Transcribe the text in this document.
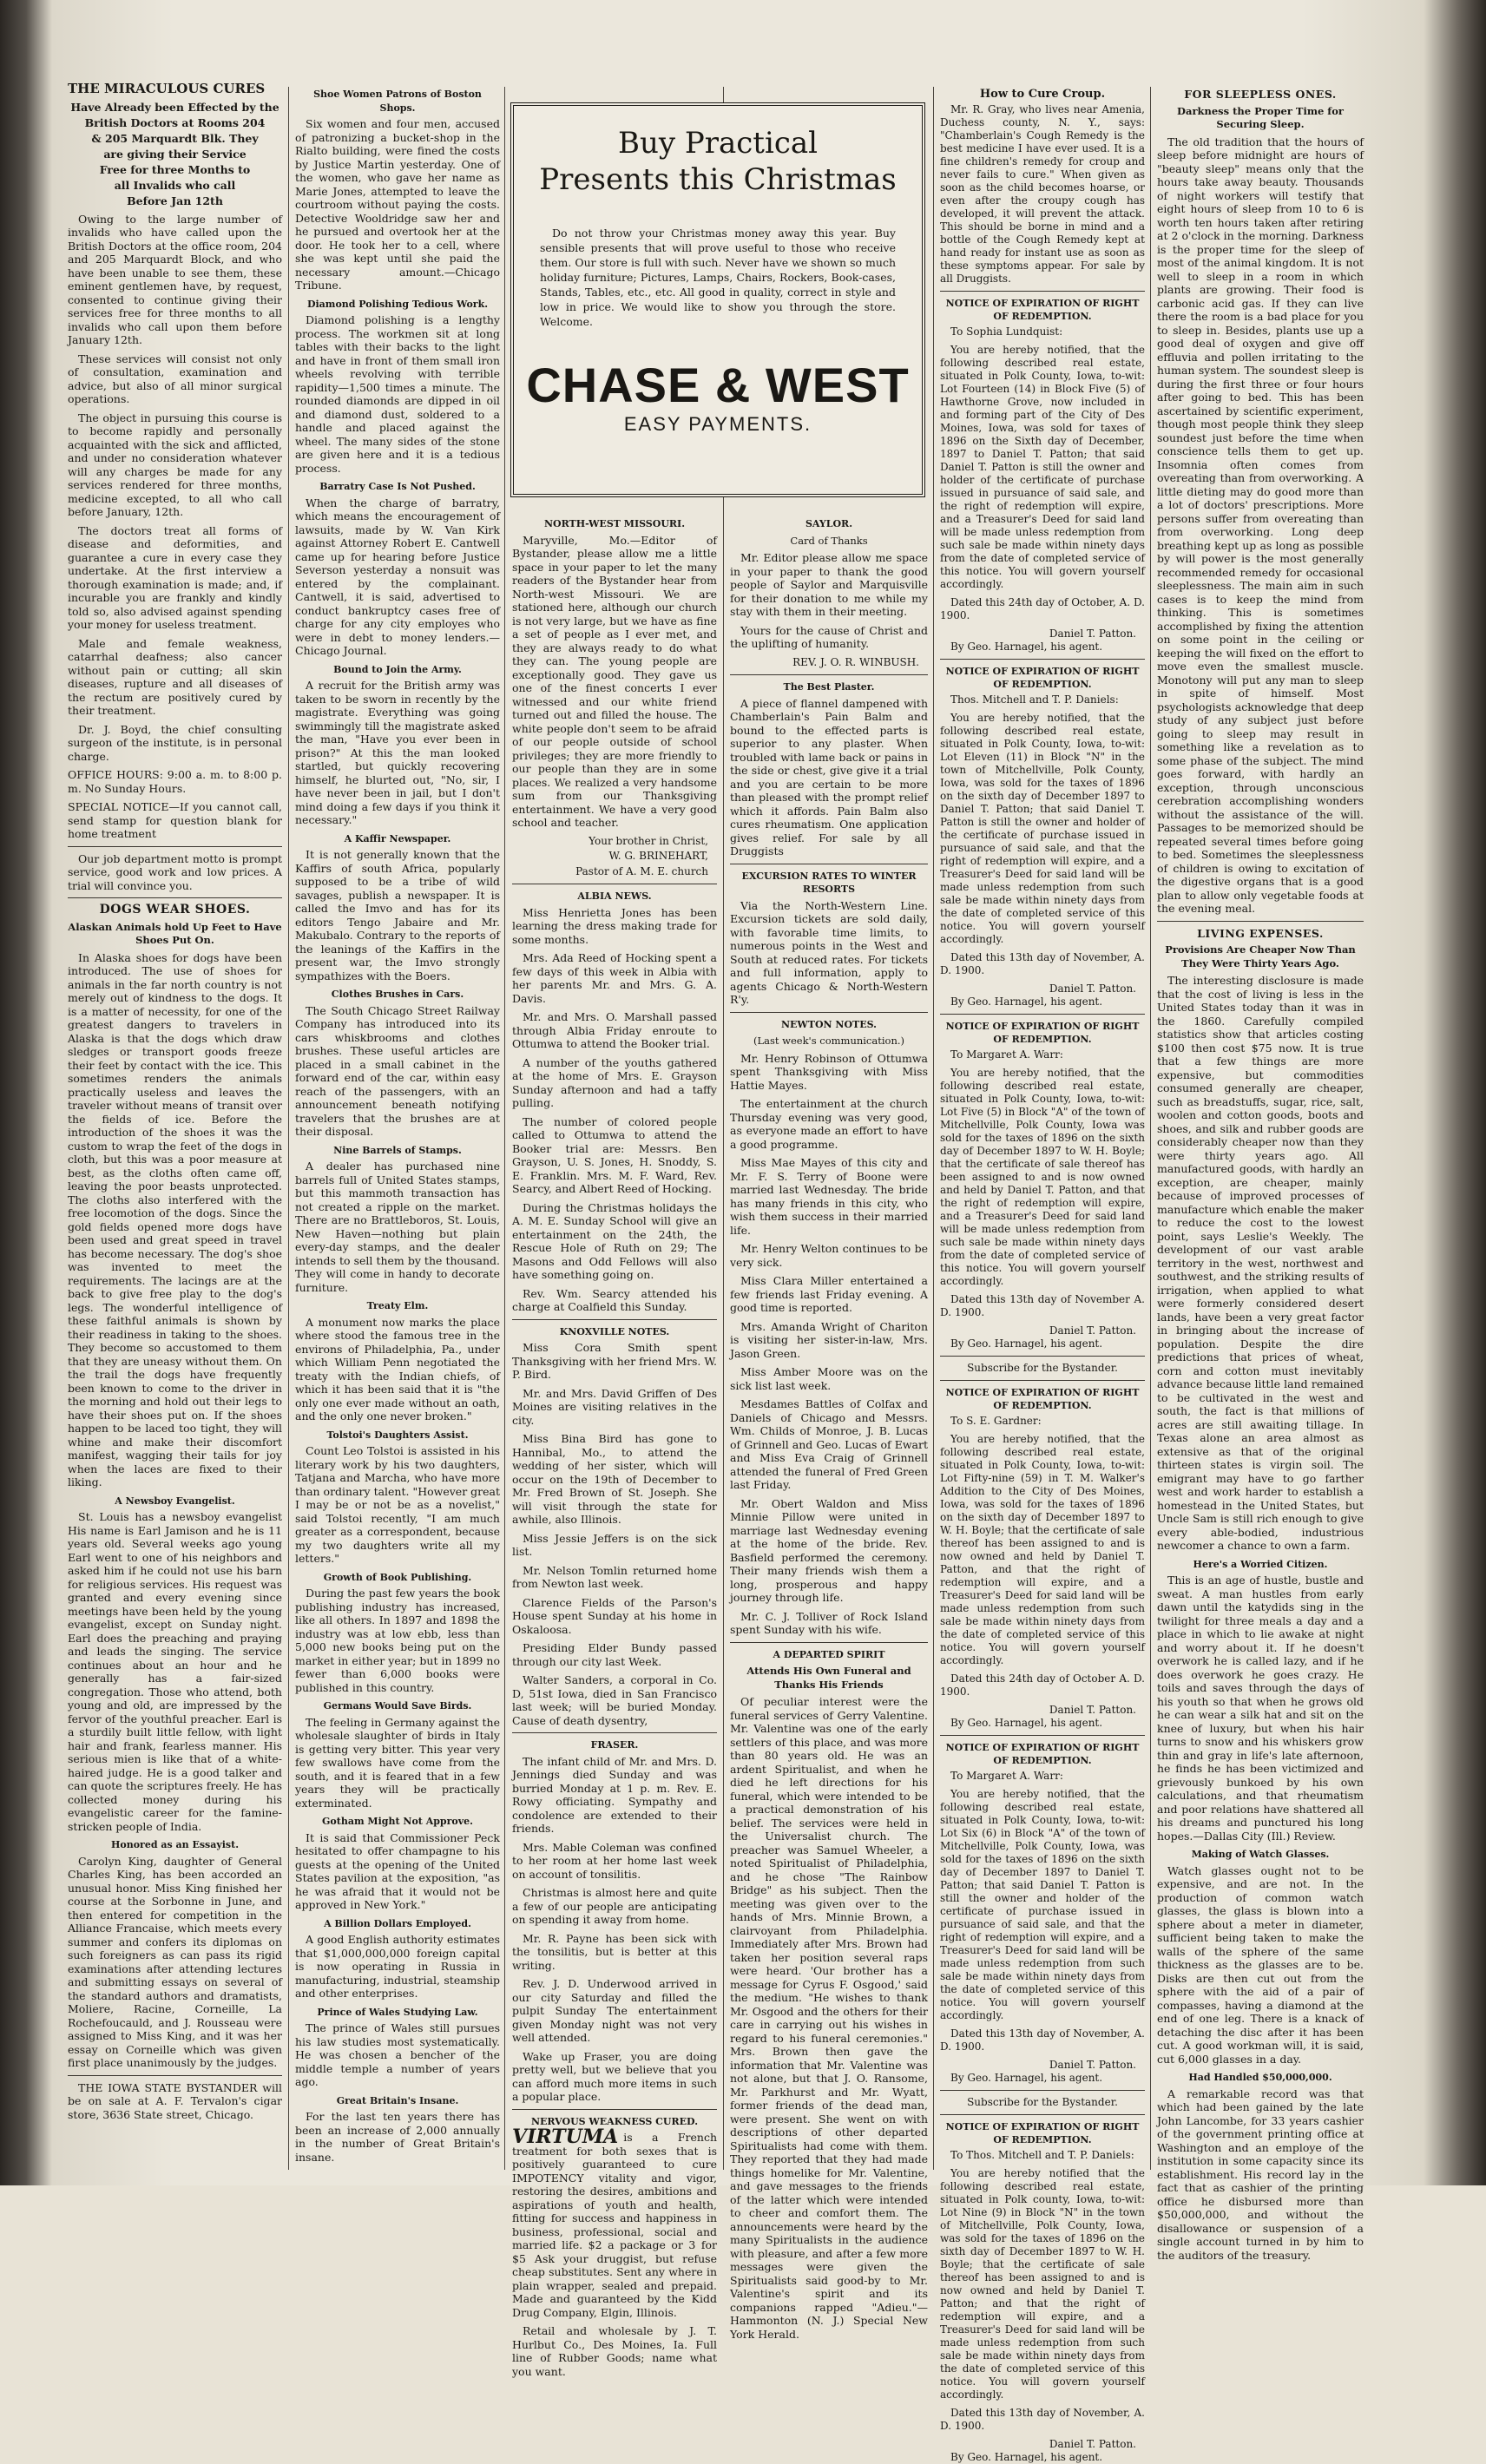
THE MIRACULOUS CURES
Have Already been Effected by the
British Doctors at Rooms 204
& 205 Marquardt Blk. They
are giving their Service
Free for three Months to
all Invalids who call
Before Jan 12th

Owing to the large number of invalids who have called upon the British Doctors at the office room, 204 and 205 Marquardt Block, and who have been unable to see them, these eminent gentlemen have, by request, consented to continue giving their services free for three months to all invalids who call upon them before January 12th.

These services will consist not only of consultation, examination and advice, but also of all minor surgical operations.

The object in pursuing this course is to become rapidly and personally acquainted with the sick and afflicted, and under no consideration whatever will any charges be made for any services rendered for three months, medicine excepted, to all who call before January, 12th.

The doctors treat all forms of disease and deformities, and guarantee a cure in every case they undertake. At the first interview a thorough examination is made; and, if incurable you are frankly and kindly told so, also advised against spending your money for useless treatment.

Male and female weakness, catarrhal deafness; also cancer without pain or cutting; all skin diseases, rupture and all diseases of the rectum are positively cured by their treatment.

Dr. J. Boyd, the chief consulting surgeon of the institute, is in personal charge.

OFFICE HOURS: 9:00 a. m. to 8:00 p. m. No Sunday Hours.

SPECIAL NOTICE—If you cannot call, send stamp for question blank for home treatment

Our job department motto is prompt service, good work and low prices. A trial will convince you.

DOGS WEAR SHOES.
Alaskan Animals hold Up Feet to Have Shoes Put On.

In Alaska shoes for dogs have been introduced. The use of shoes for animals in the far north country is not merely out of kindness to the dogs. It is a matter of necessity, for one of the greatest dangers to travelers in Alaska is that the dogs which draw sledges or transport goods freeze their feet by contact with the ice. This sometimes renders the animals practically useless and leaves the traveler without means of transit over the fields of ice. Before the introduction of the shoes it was the custom to wrap the feet of the dogs in cloth, but this was a poor measure at best, as the cloths often came off, leaving the poor beasts unprotected. The cloths also interfered with the free locomotion of the dogs. Since the gold fields opened more dogs have been used and great speed in travel has become necessary. The dog's shoe was invented to meet the requirements. The lacings are at the back to give free play to the dog's legs. The wonderful intelligence of these faithful animals is shown by their readiness in taking to the shoes. They become so accustomed to them that they are uneasy without them. On the trail the dogs have frequently been known to come to the driver in the morning and hold out their legs to have their shoes put on. If the shoes happen to be laced too tight, they will whine and make their discomfort manifest, wagging their tails for joy when the laces are fixed to their liking.

A Newsboy Evangelist.

St. Louis has a newsboy evangelist His name is Earl Jamison and he is 11 years old. Several weeks ago young Earl went to one of his neighbors and asked him if he could not use his barn for religious services. His request was granted and every evening since meetings have been held by the young evangelist, except on Sunday night. Earl does the preaching and praying and leads the singing. The service continues about an hour and he generally has a fair-sized congregation. Those who attend, both young and old, are impressed by the fervor of the youthful preacher. Earl is a sturdily built little fellow, with light hair and frank, fearless manner. His serious mien is like that of a white-haired judge. He is a good talker and can quote the scriptures freely. He has collected money during his evangelistic career for the famine-stricken people of India.

Honored as an Essayist.

Carolyn King, daughter of General Charles King, has been accorded an unusual honor. Miss King finished her course at the Sorbonne in June, and then entered for competition in the Alliance Francaise, which meets every summer and confers its diplomas on such foreigners as can pass its rigid examinations after attending lectures and submitting essays on several of the standard authors and dramatists, Moliere, Racine, Corneille, La Rochefoucauld, and J. Rousseau were assigned to Miss King, and it was her essay on Corneille which was given first place unanimously by the judges.

THE IOWA STATE BYSTANDER will be on sale at A. F. Tervalon's cigar store, 3636 State street, Chicago.

Shoe Women Patrons of Boston Shops.

Six women and four men, accused of patronizing a bucket-shop in the Rialto building, were fined the costs by Justice Martin yesterday. One of the women, who gave her name as Marie Jones, attempted to leave the courtroom without paying the costs. Detective Wooldridge saw her and he pursued and overtook her at the door. He took her to a cell, where she was kept until she paid the necessary amount.—Chicago Tribune.

Diamond Polishing Tedious Work.

Diamond polishing is a lengthy process. The workmen sit at long tables with their backs to the light and have in front of them small iron wheels revolving with terrible rapidity—1,500 times a minute. The rounded diamonds are dipped in oil and diamond dust, soldered to a handle and placed against the wheel. The many sides of the stone are given here and it is a tedious process.

Barratry Case Is Not Pushed.

When the charge of barratry, which means the encouragement of lawsuits, made by W. Van Kirk against Attorney Robert E. Cantwell came up for hearing before Justice Severson yesterday a nonsuit was entered by the complainant. Cantwell, it is said, advertised to conduct bankruptcy cases free of charge for any city employes who were in debt to money lenders.—Chicago Journal.

Bound to Join the Army.

A recruit for the British army was taken to be sworn in recently by the magistrate. Everything was going swimmingly till the magistrate asked the man, "Have you ever been in prison?" At this the man looked startled, but quickly recovering himself, he blurted out, "No, sir, I have never been in jail, but I don't mind doing a few days if you think it necessary."

A Kaffir Newspaper.

It is not generally known that the Kaffirs of south Africa, popularly supposed to be a tribe of wild savages, publish a newspaper. It is called the Imvo and has for its editors Tengo Jabaire and Mr. Makubalo. Contrary to the reports of the leanings of the Kaffirs in the present war, the Imvo strongly sympathizes with the Boers.

Clothes Brushes in Cars.

The South Chicago Street Railway Company has introduced into its cars whiskbrooms and clothes brushes. These useful articles are placed in a small cabinet in the forward end of the car, within easy reach of the passengers, with an announcement beneath notifying travelers that the brushes are at their disposal.

Nine Barrels of Stamps.

A dealer has purchased nine barrels full of United States stamps, but this mammoth transaction has not created a ripple on the market. There are no Brattleboros, St. Louis, New Haven—nothing but plain every-day stamps, and the dealer intends to sell them by the thousand. They will come in handy to decorate furniture.

Treaty Elm.

A monument now marks the place where stood the famous tree in the environs of Philadelphia, Pa., under which William Penn negotiated the treaty with the Indian chiefs, of which it has been said that it is "the only one ever made without an oath, and the only one never broken."

Tolstoi's Daughters Assist.

Count Leo Tolstoi is assisted in his literary work by his two daughters, Tatjana and Marcha, who have more than ordinary talent. "However great I may be or not be as a novelist," said Tolstoi recently, "I am much greater as a correspondent, because my two daughters write all my letters."

Growth of Book Publishing.

During the past few years the book publishing industry has increased, like all others. In 1897 and 1898 the industry was at low ebb, less than 5,000 new books being put on the market in either year; but in 1899 no fewer than 6,000 books were published in this country.

Germans Would Save Birds.

The feeling in Germany against the wholesale slaughter of birds in Italy is getting very bitter. This year very few swallows have come from the south, and it is feared that in a few years they will be practically exterminated.

Gotham Might Not Approve.

It is said that Commissioner Peck hesitated to offer champagne to his guests at the opening of the United States pavilion at the exposition, "as he was afraid that it would not be approved in New York."

A Billion Dollars Employed.

A good English authority estimates that $1,000,000,000 foreign capital is now operating in Russia in manufacturing, industrial, steamship and other enterprises.

Prince of Wales Studying Law.

The prince of Wales still pursues his law studies most systematically. He was chosen a bencher of the middle temple a number of years ago.

Great Britain's Insane.

For the last ten years there has been an increase of 2,000 annually in the number of Great Britain's insane.

Buy Practical
Presents this Christmas
Do not throw your Christmas money away this year. Buy sensible presents that will prove useful to those who receive them. Our store is full with such. Never have we shown so much holiday furniture; Pictures, Lamps, Chairs, Rockers, Book-cases, Stands, Tables, etc., etc. All good in quality, correct in style and low in price. We would like to show you through the store. Welcome.
CHASE & WEST
EASY PAYMENTS.
NORTH-WEST MISSOURI.

Maryville, Mo.—Editor of Bystander, please allow me a little space in your paper to let the many readers of the Bystander hear from North-west Missouri. We are stationed here, although our church is not very large, but we have as fine a set of people as I ever met, and they are always ready to do what they can. The young people are exceptionally good. They gave us one of the finest concerts I ever witnessed and our white friend turned out and filled the house. The white people don't seem to be afraid of our people outside of school privileges; they are more friendly to our people than they are in some places. We realized a very handsome sum from our Thanksgiving entertainment. We have a very good school and teacher.

Your brother in Christ,
W. G. BRINEHART,
Pastor of A. M. E. church
ALBIA NEWS.

Miss Henrietta Jones has been learning the dress making trade for some months.

Mrs. Ada Reed of Hocking spent a few days of this week in Albia with her parents Mr. and Mrs. G. A. Davis.

Mr. and Mrs. O. Marshall passed through Albia Friday enroute to Ottumwa to attend the Booker trial.

A number of the youths gathered at the home of Mrs. E. Grayson Sunday afternoon and had a taffy pulling.

The number of colored people called to Ottumwa to attend the Booker trial are: Messrs. Ben Grayson, U. S. Jones, H. Snoddy, S. E. Franklin. Mrs. M. F. Ward, Rev. Searcy, and Albert Reed of Hocking.

During the Christmas holidays the A. M. E. Sunday School will give an entertainment on the 24th, the Rescue Hole of Ruth on 29; The Masons and Odd Fellows will also have something going on.

Rev. Wm. Searcy attended his charge at Coalfield this Sunday.

KNOXVILLE NOTES.

Miss Cora Smith spent Thanksgiving with her friend Mrs. W. P. Bird.

Mr. and Mrs. David Griffen of Des Moines are visiting relatives in the city.

Miss Bina Bird has gone to Hannibal, Mo., to attend the wedding of her sister, which will occur on the 19th of December to Mr. Fred Brown of St. Joseph. She will visit through the state for awhile, also Illinois.

Miss Jessie Jeffers is on the sick list.

Mr. Nelson Tomlin returned home from Newton last week.

Clarence Fields of the Parson's House spent Sunday at his home in Oskaloosa.

Presiding Elder Bundy passed through our city last Week.

Walter Sanders, a corporal in Co. D, 51st Iowa, died in San Francisco last week; will be buried Monday. Cause of death dysentry,

FRASER.

The infant child of Mr. and Mrs. D. Jennings died Sunday and was burried Monday at 1 p. m. Rev. E. Rowy officiating. Sympathy and condolence are extended to their friends.

Mrs. Mable Coleman was confined to her room at her home last week on account of tonsilitis.

Christmas is almost here and quite a few of our people are anticipating on spending it away from home.

Mr. R. Payne has been sick with the tonsilitis, but is better at this writing.

Rev. J. D. Underwood arrived in our city Saturday and filled the pulpit Sunday The entertainment given Monday night was not very well attended.

Wake up Fraser, you are doing pretty well, but we believe that you can afford much more items in such a popular place.

NERVOUS WEAKNESS CURED.

VIRTUMA is a French treatment for both sexes that is positively guaranteed to cure IMPOTENCY vitality and vigor, restoring the desires, ambitions and aspirations of youth and health, fitting for success and happiness in business, professional, social and married life. $2 a package or 3 for $5 Ask your druggist, but refuse cheap substitutes. Sent any where in plain wrapper, sealed and prepaid. Made and guaranteed by the Kidd Drug Company, Elgin, Illinois.

Retail and wholesale by J. T. Hurlbut Co., Des Moines, Ia. Full line of Rubber Goods; name what you want.

SAYLOR.
Card of Thanks

Mr. Editor please allow me space in your paper to thank the good people of Saylor and Marquisville for their donation to me while my stay with them in their meeting.

Yours for the cause of Christ and the uplifting of humanity.

REV. J. O. R. WINBUSH.
The Best Plaster.

A piece of flannel dampened with Chamberlain's Pain Balm and bound to the effected parts is superior to any plaster. When troubled with lame back or pains in the side or chest, give give it a trial and you are certain to be more than pleased with the prompt relief which it affords. Pain Balm also cures rheumatism. One application gives relief. For sale by all Druggists

EXCURSION RATES TO WINTER RESORTS

Via the North-Western Line. Excursion tickets are sold daily, with favorable time limits, to numerous points in the West and South at reduced rates. For tickets and full information, apply to agents Chicago & North-Western R'y.

NEWTON NOTES.
(Last week's communication.)

Mr. Henry Robinson of Ottumwa spent Thanksgiving with Miss Hattie Mayes.

The entertainment at the church Thursday evening was very good, as everyone made an effort to have a good programme.

Miss Mae Mayes of this city and Mr. F. S. Terry of Boone were married last Wednesday. The bride has many friends in this city, who wish them success in their married life.

Mr. Henry Welton continues to be very sick.

Miss Clara Miller entertained a few friends last Friday evening. A good time is reported.

Mrs. Amanda Wright of Chariton is visiting her sister-in-law, Mrs. Jason Green.

Miss Amber Moore was on the sick list last week.

Mesdames Battles of Colfax and Daniels of Chicago and Messrs. Wm. Childs of Monroe, J. B. Lucas of Grinnell and Geo. Lucas of Ewart and Miss Eva Craig of Grinnell attended the funeral of Fred Green last Friday.

Mr. Obert Waldon and Miss Minnie Pillow were united in marriage last Wednesday evening at the home of the bride. Rev. Basfield performed the ceremony. Their many friends wish them a long, prosperous and happy journey through life.

Mr. C. J. Tolliver of Rock Island spent Sunday with his wife.

A DEPARTED SPIRIT
Attends His Own Funeral and Thanks His Friends

Of peculiar interest were the funeral services of Gerry Valentine. Mr. Valentine was one of the early settlers of this place, and was more than 80 years old. He was an ardent Spiritualist, and when he died he left directions for his funeral, which were intended to be a practical demonstration of his belief. The services were held in the Universalist church. The preacher was Samuel Wheeler, a noted Spiritualist of Philadelphia, and he chose "The Rainbow Bridge" as his subject. Then the meeting was given over to the hands of Mrs. Minnie Brown, a clairvoyant from Philadelphia. Immediately after Mrs. Brown had taken her position several raps were heard. 'Our brother has a message for Cyrus F. Osgood,' said the medium. "He wishes to thank Mr. Osgood and the others for their care in carrying out his wishes in regard to his funeral ceremonies." Mrs. Brown then gave the information that Mr. Valentine was not alone, but that J. O. Ransome, Mr. Parkhurst and Mr. Wyatt, former friends of the dead man, were present. She went on with descriptions of other departed Spiritualists had come with them. They reported that they had made things homelike for Mr. Valentine, and gave messages to the friends of the latter which were intended to cheer and comfort them. The announcements were heard by the many Spiritualists in the audience with pleasure, and after a few more messages were given the Spiritualists said good-by to Mr. Valentine's spirit and its companions rapped "Adieu."—Hammonton (N. J.) Special New York Herald.

How to Cure Croup.

Mr. R. Gray, who lives near Amenia, Duchess county, N. Y., says: "Chamberlain's Cough Remedy is the best medicine I have ever used. It is a fine children's remedy for croup and never fails to cure." When given as soon as the child becomes hoarse, or even after the croupy cough has developed, it will prevent the attack. This should be borne in mind and a bottle of the Cough Remedy kept at hand ready for instant use as soon as these symptoms appear. For sale by all Druggists.

NOTICE OF EXPIRATION OF RIGHT OF REDEMPTION.

To Sophia Lundquist:

You are hereby notified, that the following described real estate, situated in Polk County, Iowa, to-wit: Lot Fourteen (14) in Block Five (5) of Hawthorne Grove, now included in and forming part of the City of Des Moines, Iowa, was sold for taxes of 1896 on the Sixth day of December, 1897 to Daniel T. Patton; that said Daniel T. Patton is still the owner and holder of the certificate of purchase issued in pursuance of said sale, and the right of redemption will expire, and a Treasurer's Deed for said land will be made unless redemption from such sale be made within ninety days from the date of completed service of this notice. You will govern yourself accordingly.

Dated this 24th day of October, A. D. 1900.

Daniel T. Patton.

By Geo. Harnagel, his agent.

NOTICE OF EXPIRATION OF RIGHT OF REDEMPTION.

Thos. Mitchell and T. P. Daniels:

You are hereby notified, that the following described real estate, situated in Polk County, Iowa, to-wit: Lot Eleven (11) in Block "N" in the town of Mitchellville, Polk County, Iowa, was sold for the taxes of 1896 on the sixth day of December 1897 to Daniel T. Patton; that said Daniel T. Patton is still the owner and holder of the certificate of purchase issued in pursuance of said sale, and that the right of redemption will expire, and a Treasurer's Deed for said land will be made unless redemption from such sale be made within ninety days from the date of completed service of this notice. You will govern yourself accordingly.

Dated this 13th day of November, A. D. 1900.

Daniel T. Patton.

By Geo. Harnagel, his agent.

NOTICE OF EXPIRATION OF RIGHT OF REDEMPTION.

To Margaret A. Warr:

You are hereby notified, that the following described real estate, situated in Polk County, Iowa, to-wit: Lot Five (5) in Block "A" of the town of Mitchellville, Polk County, Iowa was sold for the taxes of 1896 on the sixth day of December 1897 to W. H. Boyle; that the certificate of sale thereof has been assigned to and is now owned and held by Daniel T. Patton, and that the right of redemption will expire, and a Treasurer's Deed for said land will be made unless redemption from such sale be made within ninety days from the date of completed service of this notice. You will govern yourself accordingly.

Dated this 13th day of November A. D. 1900.

Daniel T. Patton.

By Geo. Harnagel, his agent.

Subscribe for the Bystander.

NOTICE OF EXPIRATION OF RIGHT OF REDEMPTION.

To S. E. Gardner:

You are hereby notified, that the following described real estate, situated in Polk County, Iowa, to-wit: Lot Fifty-nine (59) in T. M. Walker's Addition to the City of Des Moines, Iowa, was sold for the taxes of 1896 on the sixth day of December 1897 to W. H. Boyle; that the certificate of sale thereof has been assigned to and is now owned and held by Daniel T. Patton, and that the right of redemption will expire, and a Treasurer's Deed for said land will be made unless redemption from such sale be made within ninety days from the date of completed service of this notice. You will govern yourself accordingly.

Dated this 24th day of October A. D. 1900.

Daniel T. Patton.

By Geo. Harnagel, his agent.

NOTICE OF EXPIRATION OF RIGHT OF REDEMPTION.

To Margaret A. Warr:

You are hereby notified, that the following described real estate, situated in Polk County, Iowa, to-wit: Lot Six (6) in Block "A" of the town of Mitchellville, Polk County, Iowa, was sold for the taxes of 1896 on the sixth day of December 1897 to Daniel T. Patton; that said Daniel T. Patton is still the owner and holder of the certificate of purchase issued in pursuance of said sale, and that the right of redemption will expire, and a Treasurer's Deed for said land will be made unless redemption from such sale be made within ninety days from the date of completed service of this notice. You will govern yourself accordingly.

Dated this 13th day of November, A. D. 1900.

Daniel T. Patton.

By Geo. Harnagel, his agent.

Subscribe for the Bystander.

NOTICE OF EXPIRATION OF RIGHT OF REDEMPTION.

To Thos. Mitchell and T. P. Daniels:

You are hereby notified that the following described real estate, situated in Polk county, Iowa, to-wit: Lot Nine (9) in Block "N" in the town of Mitchellville, Polk County, Iowa, was sold for the taxes of 1896 on the sixth day of December 1897 to W. H. Boyle; that the certificate of sale thereof has been assigned to and is now owned and held by Daniel T. Patton; and that the right of redemption will expire, and a Treasurer's Deed for said land will be made unless redemption from such sale be made within ninety days from the date of completed service of this notice. You will govern yourself accordingly.

Dated this 13th day of November, A. D. 1900.

Daniel T. Patton.

By Geo. Harnagel, his agent.

FOR SLEEPLESS ONES.
Darkness the Proper Time for Securing Sleep.

The old tradition that the hours of sleep before midnight are hours of "beauty sleep" means only that the hours take away beauty. Thousands of night workers will testify that eight hours of sleep from 10 to 6 is worth ten hours taken after retiring at 2 o'clock in the morning. Darkness is the proper time for the sleep of most of the animal kingdom. It is not well to sleep in a room in which plants are growing. Their food is carbonic acid gas. If they can live there the room is a bad place for you to sleep in. Besides, plants use up a good deal of oxygen and give off effluvia and pollen irritating to the human system. The soundest sleep is during the first three or four hours after going to bed. This has been ascertained by scientific experiment, though most people think they sleep soundest just before the time when conscience tells them to get up. Insomnia often comes from overeating than from overworking. A little dieting may do good more than a lot of doctors' prescriptions. More persons suffer from overeating than from overworking. Long deep breathing kept up as long as possible by will power is the most generally recommended remedy for occasional sleeplessness. The main aim in such cases is to keep the mind from thinking. This is sometimes accomplished by fixing the attention on some point in the ceiling or keeping the will fixed on the effort to move even the smallest muscle. Monotony will put any man to sleep in spite of himself. Most psychologists acknowledge that deep study of any subject just before going to sleep may result in something like a revelation as to some phase of the subject. The mind goes forward, with hardly an exception, through unconscious cerebration accomplishing wonders without the assistance of the will. Passages to be memorized should be repeated several times before going to bed. Sometimes the sleeplessness of children is owing to excitation of the digestive organs that is a good plan to allow only vegetable foods at the evening meal.

LIVING EXPENSES.
Provisions Are Cheaper Now Than They Were Thirty Years Ago.

The interesting disclosure is made that the cost of living is less in the United States today than it was in the 1860. Carefully compiled statistics show that articles costing $100 then cost $75 now. It is true that a few things are more expensive, but commodities consumed generally are cheaper, such as breadstuffs, sugar, rice, salt, woolen and cotton goods, boots and shoes, and silk and rubber goods are considerably cheaper now than they were thirty years ago. All manufactured goods, with hardly an exception, are cheaper, mainly because of improved processes of manufacture which enable the maker to reduce the cost to the lowest point, says Leslie's Weekly. The development of our vast arable territory in the west, northwest and southwest, and the striking results of irrigation, when applied to what were formerly considered desert lands, have been a very great factor in bringing about the increase of population. Despite the dire predictions that prices of wheat, corn and cotton must inevitably advance because little land remained to be cultivated in the west and south, the fact is that millions of acres are still awaiting tillage. In Texas alone an area almost as extensive as that of the original thirteen states is virgin soil. The emigrant may have to go farther west and work harder to establish a homestead in the United States, but Uncle Sam is still rich enough to give every able-bodied, industrious newcomer a chance to own a farm.

Here's a Worried Citizen.

This is an age of hustle, bustle and sweat. A man hustles from early dawn until the katydids sing in the twilight for three meals a day and a place in which to lie awake at night and worry about it. If he doesn't overwork he is called lazy, and if he does overwork he goes crazy. He toils and saves through the days of his youth so that when he grows old he can wear a silk hat and sit on the knee of luxury, but when his hair turns to snow and his whiskers grow thin and gray in life's late afternoon, he finds he has been victimized and grievously bunkoed by his own calculations, and that rheumatism and poor relations have shattered all his dreams and punctured his long hopes.—Dallas City (Ill.) Review.

Making of Watch Glasses.

Watch glasses ought not to be expensive, and are not. In the production of common watch glasses, the glass is blown into a sphere about a meter in diameter, sufficient being taken to make the walls of the sphere of the same thickness as the glasses are to be. Disks are then cut out from the sphere with the aid of a pair of compasses, having a diamond at the end of one leg. There is a knack of detaching the disc after it has been cut. A good workman will, it is said, cut 6,000 glasses in a day.

Had Handled $50,000,000.

A remarkable record was that which had been gained by the late John Lancombe, for 33 years cashier of the government printing office at Washington and an employe of the institution in some capacity since its establishment. His record lay in the fact that as cashier of the printing office he disbursed more than $50,000,000, and without the disallowance or suspension of a single account turned in by him to the auditors of the treasury.
